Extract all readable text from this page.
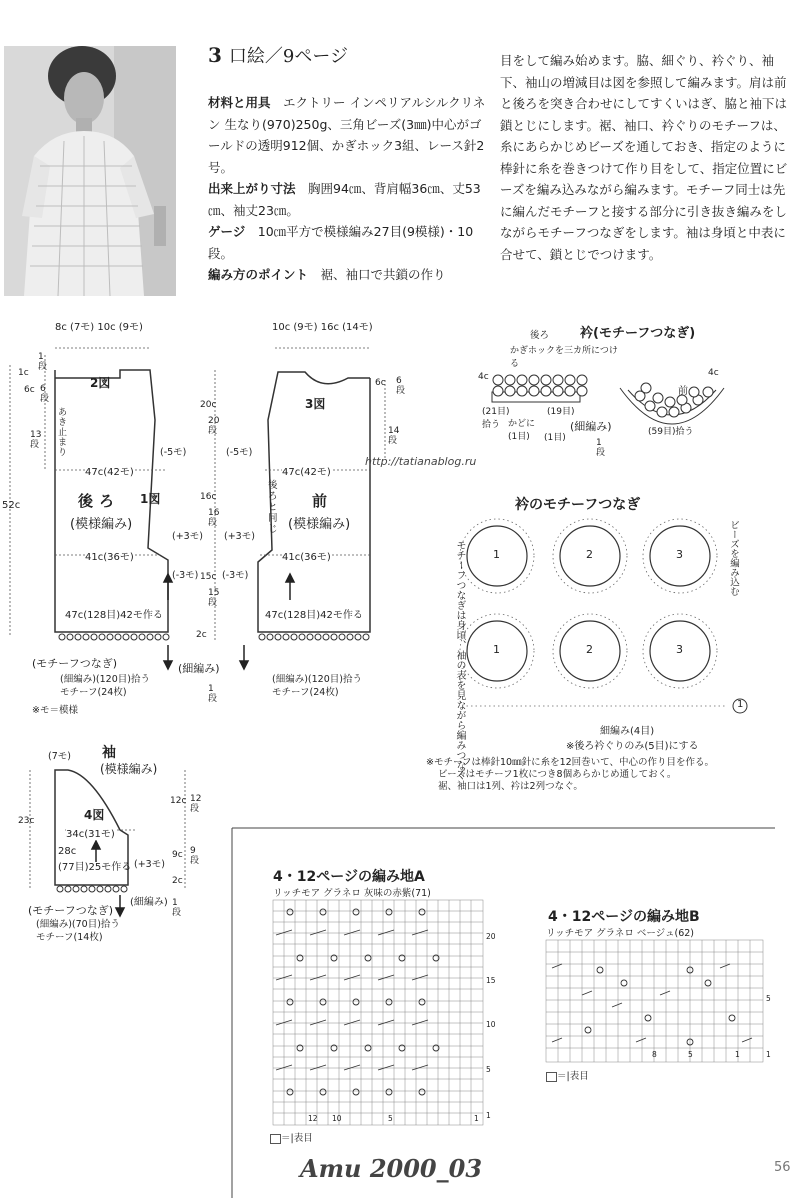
3 口絵／9ページ
材料と用具　 エクトリー インペリアルシルクリネン 生なり(970)250g、三角ビーズ(3㎜)中心がゴールドの透明912個、かぎホック3組、レース針2号。
出来上がり寸法　 胸囲94㎝、背肩幅36㎝、丈53㎝、袖丈23㎝。
ゲージ　 10㎝平方で模様編み27目(9模様)・10段。
編み方のポイント　 裾、袖口で共鎖の作り
目をして編み始めます。脇、細ぐり、衿ぐり、袖下、袖山の増減目は図を参照して編みます。肩は前と後ろを突き合わせにしてすくいはぎ、脇と袖下は鎖とじにします。裾、袖口、衿ぐりのモチーフは、糸にあらかじめビーズを通しておき、指定のように棒針に糸を巻きつけて作り目をして、指定位置にビーズを編み込みながら編みます。モチーフ同士は先に編んだモチーフと接する部分に引き抜き編みをしながらモチーフつなぎをします。袖は身頃と中表に合せて、鎖とじでつけます。
8c (7モ) 10c (9モ)
2図
後ろ 1図
(模様編み)
あき止まり
47c(42モ)
41c(36モ)
47c(128目)42モ作る
(-5モ)
(+3モ)
(-3モ)
52c
1c
1段
6c 6段
13段
(モチーフつなぎ)
(細編み)(120目)拾う
モチーフ(24枚)
※モ＝模様
10c (9モ) 16c (14モ)
3図
前
(模様編み)
後ろと同じ
47c(42モ)
41c(36モ)
47c(128目)42モ作る
(-5モ)
(+3モ)
(-3モ)
6c 6段
14段
20c
20段
16c
16段
15c
15段
2c
(細編み)
1段
(細編み)(120目)拾う
モチーフ(24枚)
http://tatianablog.ru
衿(モチーフつなぎ)
後ろ
かぎホックを三カ所につける
4c
(21目)拾う
(19目)
かどに(1目)	(1目)
(細編み)
1段
前
4c
(59目)拾う
衿のモチーフつなぎ
モチーフつなぎは身頃、袖の表を見ながら編みつなぐ	ビーズを編み込む
1	2	3
1	2	3
1
細編み(4目)
※後ろ衿ぐりのみ(5目)にする
※モチーフは棒針10㎜針に糸を12回巻いて、中心の作り目を作る。
ビーズはモチーフ1枚につき8個あらかじめ通しておく。
裾、袖口は1列、衿は2列つなぐ。
袖
(模様編み)
(7モ)
4図
34c(31モ)
28c
(77目)25モ作る (+3モ)
23c
12c 12段
9c 9段
2c
(細編み) 1段
(モチーフつなぎ)
(細編み)(70目)拾う
モチーフ(14枚)
4・12ページの編み地A
リッチモア グラネロ 灰味の赤紫(71)
20
15
10
5
1
12 10	5	1
＝|表目
4・12ページの編み地B
リッチモア グラネロ ベージュ(62)
5
1
8	5	1
＝|表目
Amu 2000_03	56
